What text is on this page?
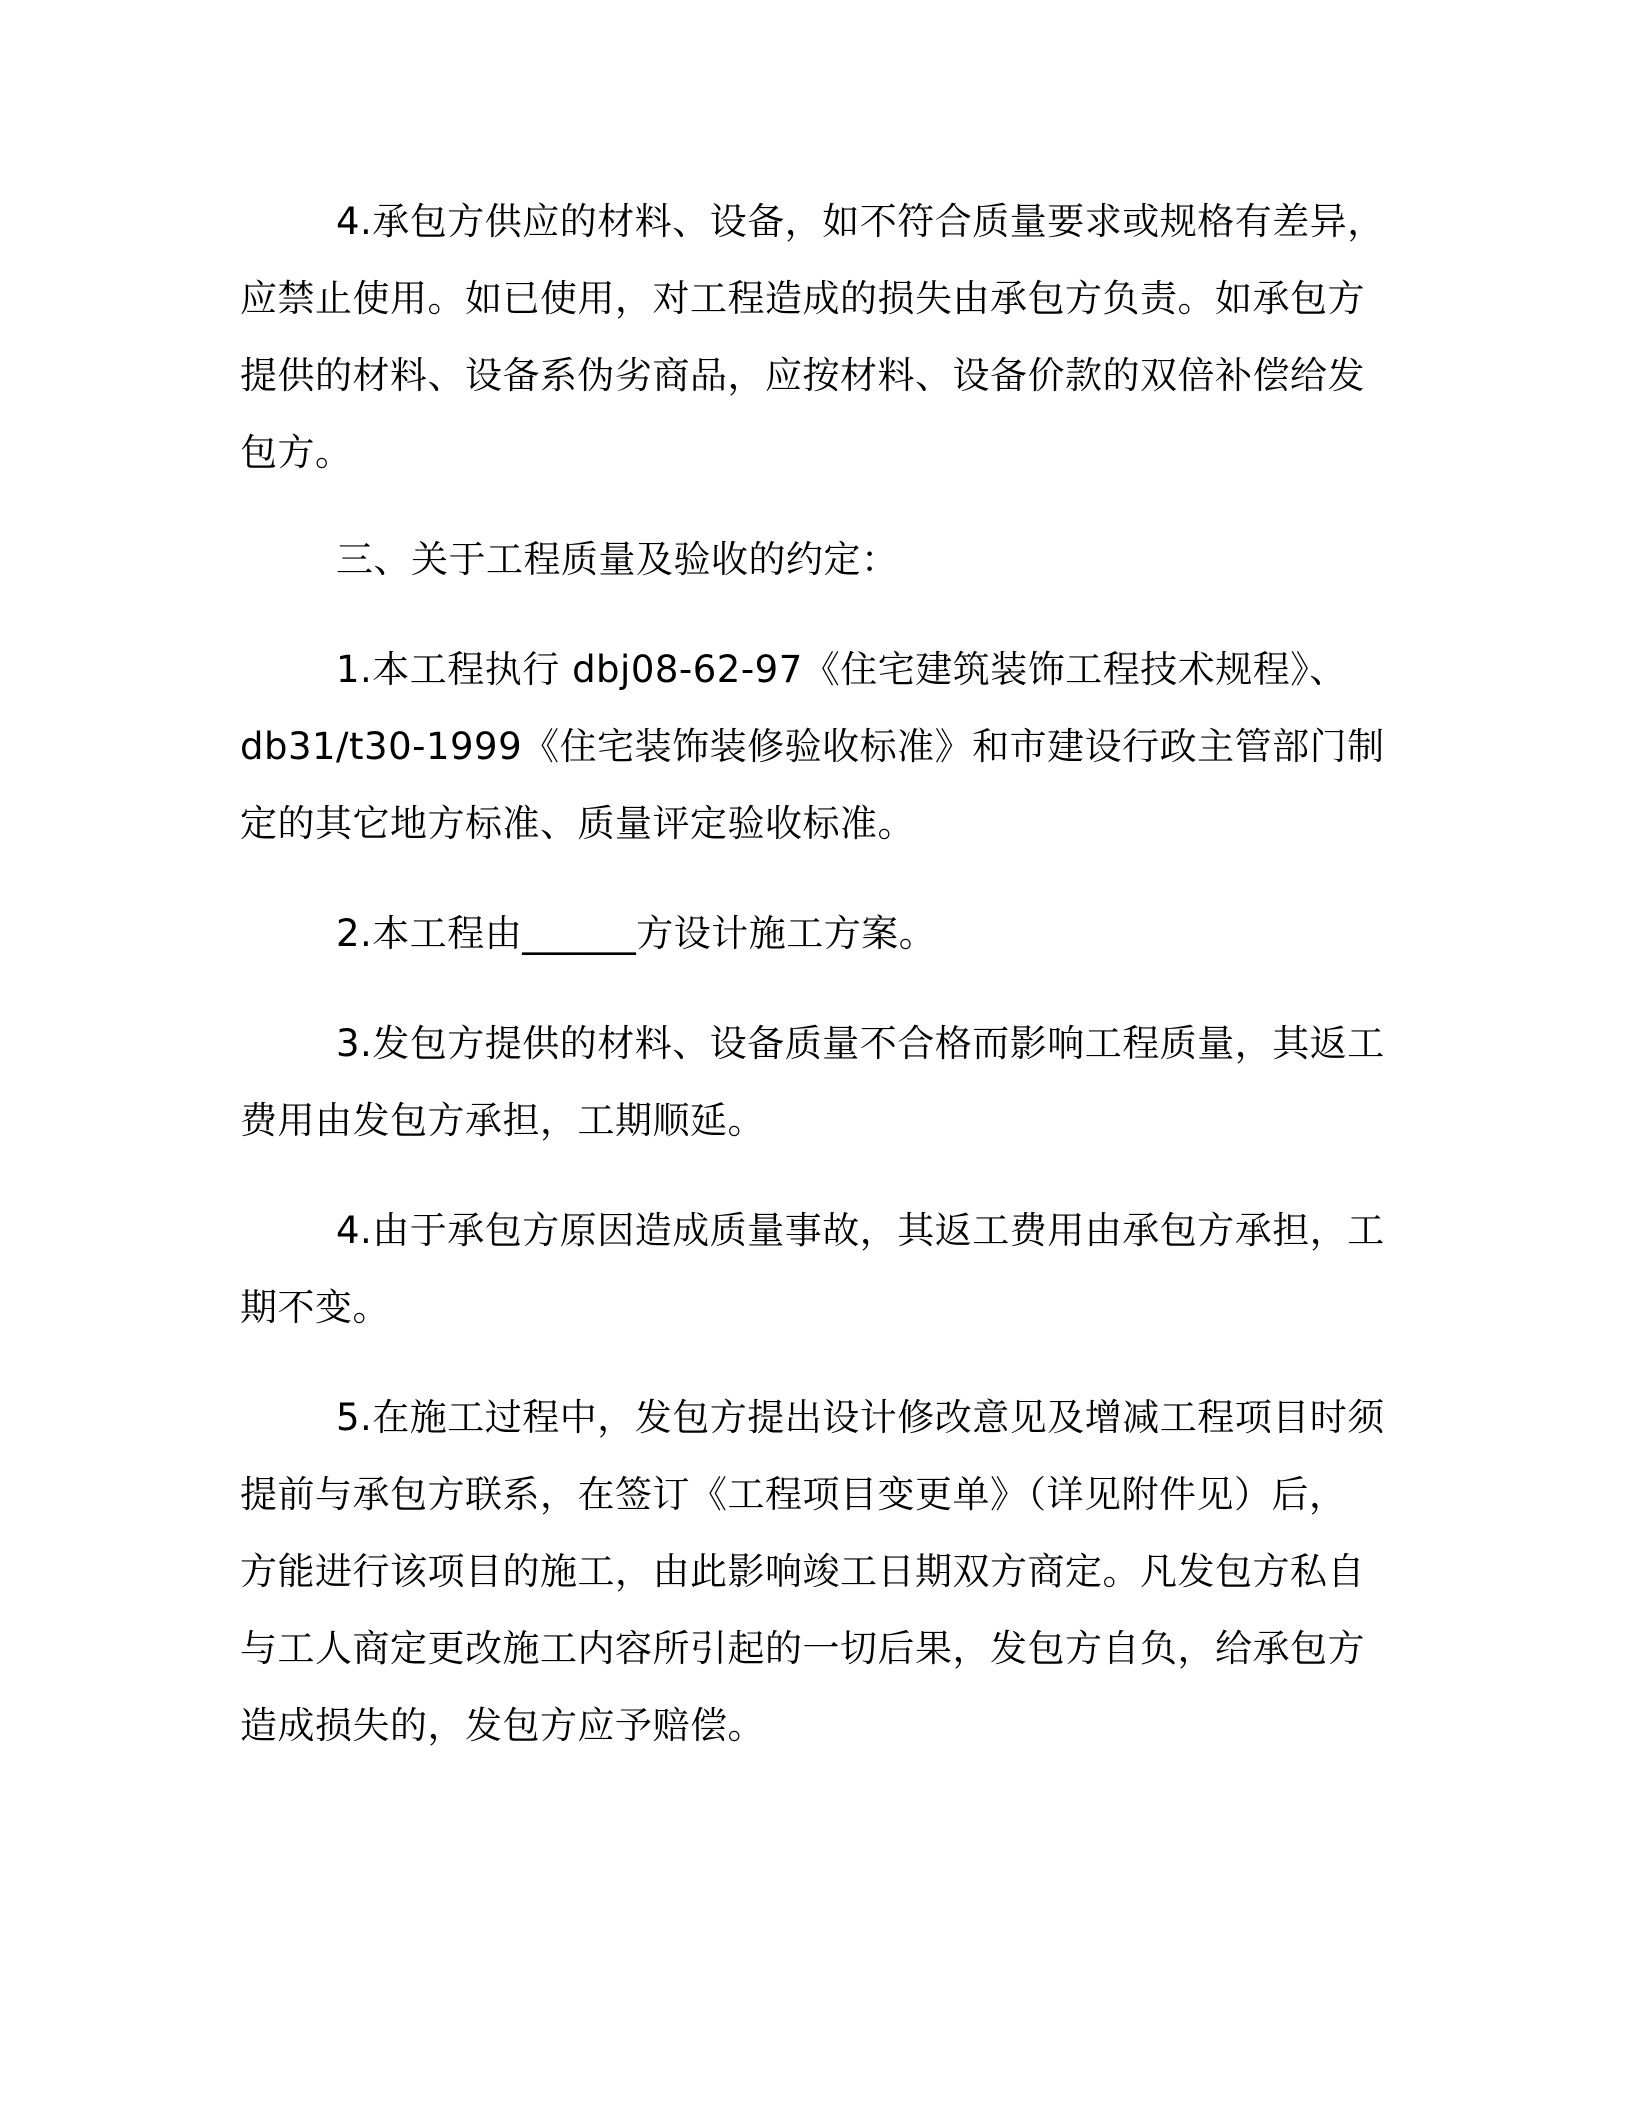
4.承包方供应的材料、设备，如不符合质量要求或规格有差异，
应禁止使用。如已使用，对工程造成的损失由承包方负责。如承包方
提供的材料、设备系伪劣商品，应按材料、设备价款的双倍补偿给发
包方。
三、关于工程质量及验收的约定：
1.本工程执行 dbj08-62-97《住宅建筑装饰工程技术规程》、
db31/t30-1999《住宅装饰装修验收标准》和市建设行政主管部门制
定的其它地方标准、质量评定验收标准。
2.本工程由______方设计施工方案。
3.发包方提供的材料、设备质量不合格而影响工程质量，其返工
费用由发包方承担，工期顺延。
4.由于承包方原因造成质量事故，其返工费用由承包方承担，工
期不变。
5.在施工过程中，发包方提出设计修改意见及增减工程项目时须
提前与承包方联系，在签订《工程项目变更单》（详见附件见）后，
方能进行该项目的施工，由此影响竣工日期双方商定。凡发包方私自
与工人商定更改施工内容所引起的一切后果，发包方自负，给承包方
造成损失的，发包方应予赔偿。
